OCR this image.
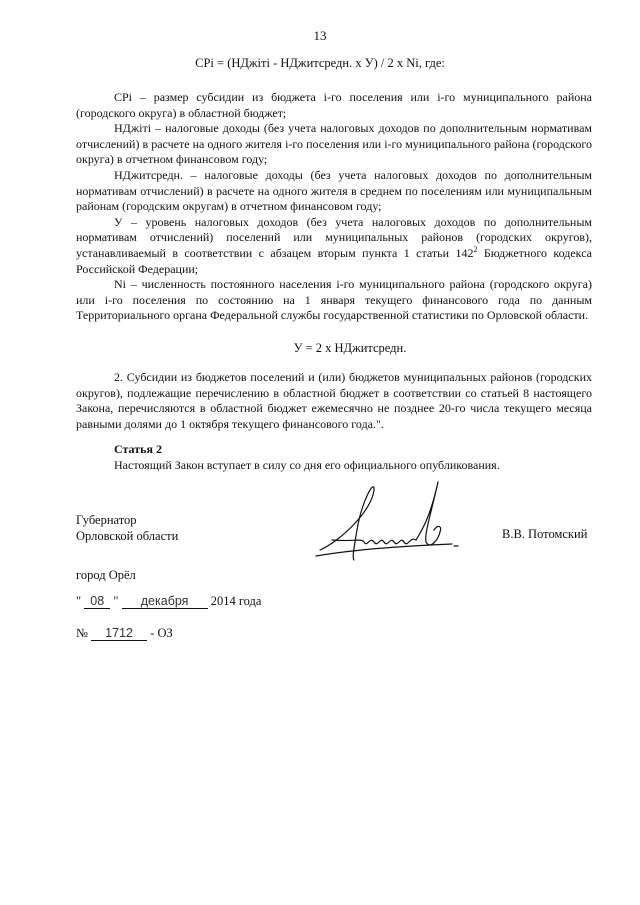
13
СРi = (НДжiтi - НДжитсредн. х У) / 2 х Ni, где:

СРi – размер субсидии из бюджета i-го поселения или i-го муниципального района (городского округа) в областной бюджет;

НДжiтi – налоговые доходы (без учета налоговых доходов по дополнительным нормативам отчислений) в расчете на одного жителя i-го поселения или i-го муниципального района (городского округа) в отчетном финансовом году;

НДжитсредн. – налоговые доходы (без учета налоговых доходов по дополнительным нормативам отчислений) в расчете на одного жителя в среднем по поселениям или муниципальным районам (городским округам) в отчетном финансовом году;

У – уровень налоговых доходов (без учета налоговых доходов по дополнительным нормативам отчислений) поселений или муниципальных районов (городских округов), устанавливаемый в соответствии с абзацем вторым пункта 1 статьи $142^2$ Бюджетного кодекса Российской Федерации;

Ni – численность постоянного населения i-го муниципального района (городского округа) или i-го поселения по состоянию на 1 января текущего финансового года по данным Территориального органа Федеральной службы государственной статистики по Орловской области.

У = 2 х НДжитсредн.

2. Субсидии из бюджетов поселений и (или) бюджетов муниципальных районов (городских округов), подлежащие перечислению в областной бюджет в соответствии со статьей 8 настоящего Закона, перечисляются в областной бюджет ежемесячно не позднее 20-го числа текущего месяца равными долями до 1 октября текущего финансового года.".

Статья 2

Настоящий Закон вступает в силу со дня его официального опубликования.

Губернатор
Орловской области	В.В. Потомский
город Орёл
" 08 " декабря 2014 года
№ 1712 - ОЗ
